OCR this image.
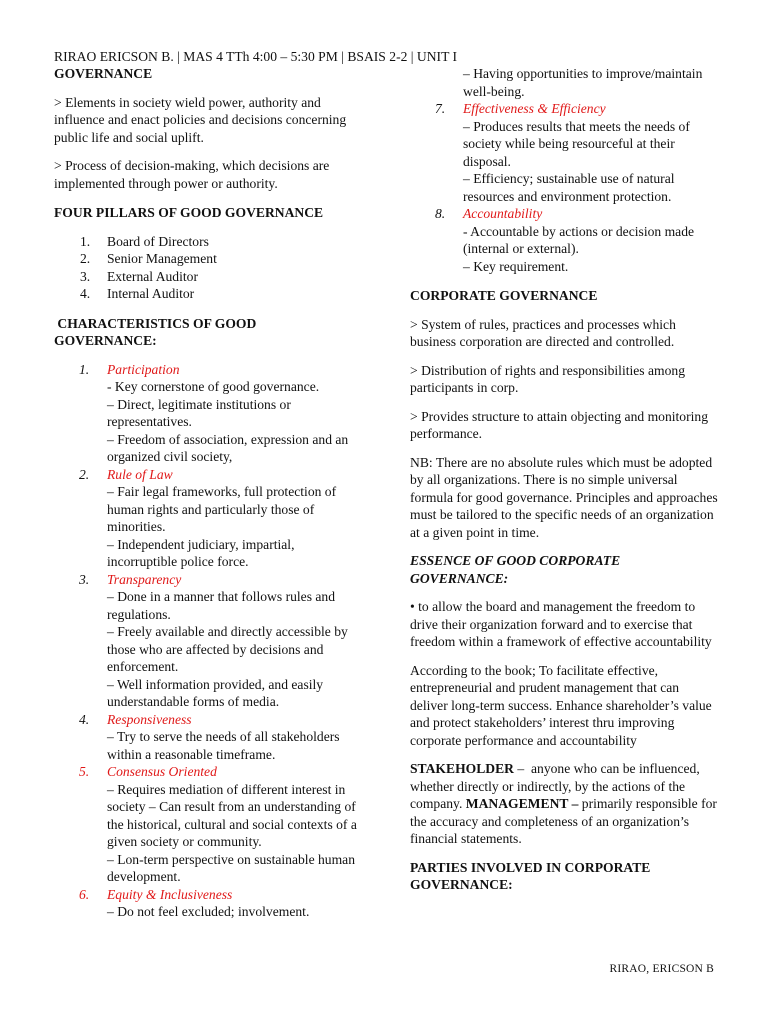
RIRAO ERICSON B. | MAS 4 TTh 4:00 – 5:30 PM | BSAIS 2-2 | UNIT I

GOVERNANCE

> Elements in society wield power, authority and influence and enact policies and decisions concerning public life and social uplift.

> Process of decision-making, which decisions are implemented through power or authority.

FOUR PILLARS OF GOOD GOVERNANCE

1. Board of Directors
2. Senior Management
3. External Auditor
4. Internal Auditor

CHARACTERISTICS OF GOOD GOVERNANCE:

1. Participation
- Key cornerstone of good governance.
– Direct, legitimate institutions or representatives.
– Freedom of association, expression and an organized civil society,
2. Rule of Law
– Fair legal frameworks, full protection of human rights and particularly those of minorities.
– Independent judiciary, impartial, incorruptible police force.
3. Transparency
– Done in a manner that follows rules and regulations.
– Freely available and directly accessible by those who are affected by decisions and enforcement.
– Well information provided, and easily understandable forms of media.
4. Responsiveness
– Try to serve the needs of all stakeholders within a reasonable timeframe.
5. Consensus Oriented
– Requires mediation of different interest in society – Can result from an understanding of the historical, cultural and social contexts of a given society or community.
– Lon-term perspective on sustainable human development.
6. Equity & Inclusiveness
– Do not feel excluded; involvement.
– Having opportunities to improve/maintain well-being.
7. Effectiveness & Efficiency
– Produces results that meets the needs of society while being resourceful at their disposal.
– Efficiency; sustainable use of natural resources and environment protection.
8. Accountability
- Accountable by actions or decision made (internal or external).
– Key requirement.

CORPORATE GOVERNANCE

> System of rules, practices and processes which business corporation are directed and controlled.

> Distribution of rights and responsibilities among participants in corp.

> Provides structure to attain objecting and monitoring performance.

NB: There are no absolute rules which must be adopted by all organizations. There is no simple universal formula for good governance. Principles and approaches must be tailored to the specific needs of an organization at a given point in time.

ESSENCE OF GOOD CORPORATE GOVERNANCE:

• to allow the board and management the freedom to drive their organization forward and to exercise that freedom within a framework of effective accountability

According to the book; To facilitate effective, entrepreneurial and prudent management that can deliver long-term success. Enhance shareholder’s value and protect stakeholders’ interest thru improving corporate performance and accountability

STAKEHOLDER –  anyone who can be influenced, whether directly or indirectly, by the actions of the company. MANAGEMENT – primarily responsible for the accuracy and completeness of an organization’s financial statements.

PARTIES INVOLVED IN CORPORATE GOVERNANCE:

RIRAO, ERICSON B
